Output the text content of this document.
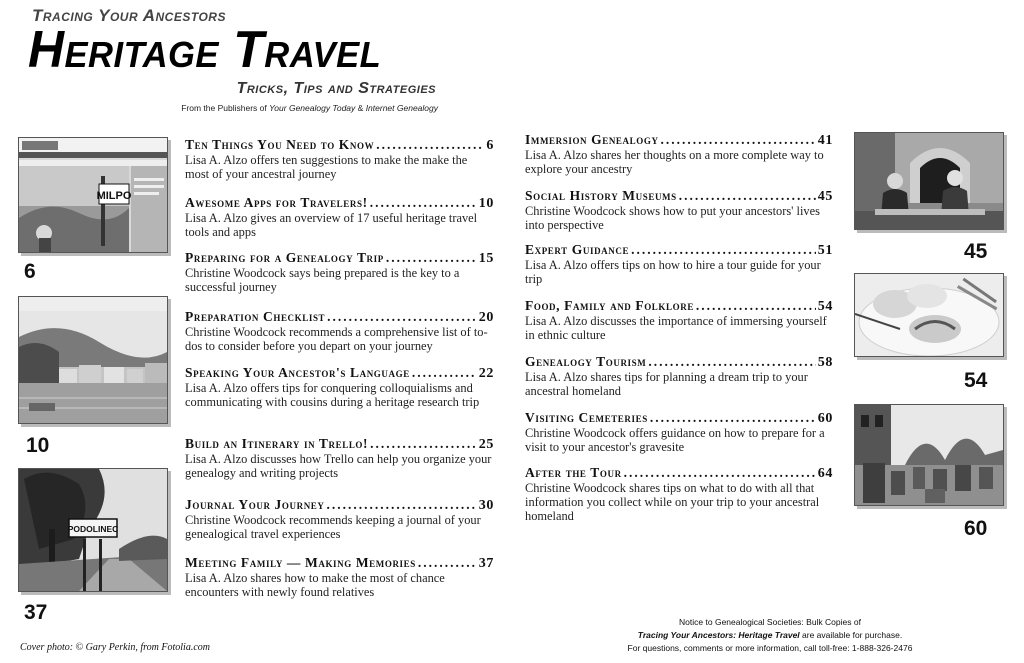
Tracing Your Ancestors
Heritage Travel
Tricks, Tips and Strategies
From the Publishers of Your Genealogy Today & Internet Genealogy
MILPO
6
10
PODOLINEC
37
45
54
60
Ten Things You Need to Know .....	6
Lisa A. Alzo offers ten suggestions to make the make the most of your ancestral journey
Awesome Apps for Travelers! .....	10
Lisa A. Alzo gives an overview of 17 useful heritage travel tools and apps
Preparing for a Genealogy Trip .....	15
Christine Woodcock says being prepared is the key to a successful journey
Preparation Checklist .....	20
Christine Woodcock recommends a comprehensive list of to-dos to consider before you depart on your journey
Speaking Your Ancestor's Language .....	22
Lisa A. Alzo offers tips for conquering colloquialisms and communicating with cousins during a heritage research trip
Build an Itinerary in Trello! .....	25
Lisa A. Alzo discusses how Trello can help you organize your genealogy and writing projects
Journal Your Journey .....	30
Christine Woodcock recommends keeping a journal of your genealogical travel experiences
Meeting Family — Making Memories .....	37
Lisa A. Alzo shares how to make the most of chance encounters with newly found relatives
Immersion Genealogy .....	41
Lisa A. Alzo shares her thoughts on a more complete way to explore your ancestry
Social History Museums .....	45
Christine Woodcock shows how to put your ancestors' lives into perspective
Expert Guidance .....	51
Lisa A. Alzo offers tips on how to hire a tour guide for your trip
Food, Family and Folklore .....	54
Lisa A. Alzo discusses the importance of immersing yourself in ethnic culture
Genealogy Tourism .....	58
Lisa A. Alzo shares tips for planning a dream trip to your ancestral homeland
Visiting Cemeteries .....	60
Christine Woodcock offers guidance on how to prepare for a visit to your ancestor's gravesite
After the Tour .....	64
Christine Woodcock shares tips on what to do with all that information you collect while on your trip to your ancestral homeland
Cover photo: © Gary Perkin, from Fotolia.com
Notice to Genealogical Societies: Bulk Copies of
Tracing Your Ancestors: Heritage Travel are available for purchase.
For questions, comments or more information, call toll-free: 1-888-326-2476
